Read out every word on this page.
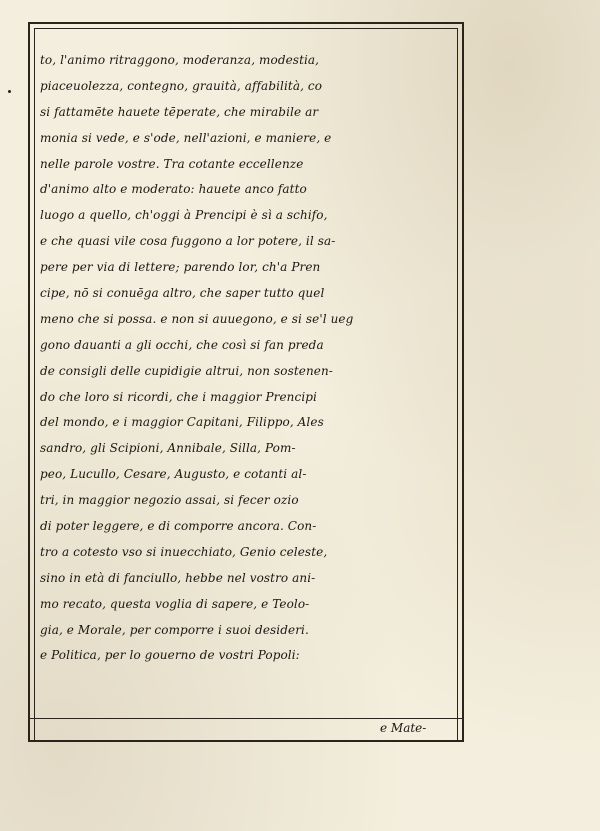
to, l'animo ritraggono, moderanza, modestia,
piaceuolezza, contegno, grauità, affabilità, co
si fattamēte hauete tēperate, che mirabile ar
monia si vede, e s'ode, nell'azioni, e maniere, e
nelle parole vostre. Tra cotante eccellenze
d'animo alto e moderato: hauete anco fatto
luogo a quello, ch'oggi à Prencipi è sì a schifo,
e che quasi vile cosa fuggono a lor potere, il sa-
pere per via di lettere; parendo lor, ch'a Pren
cipe, nō si conuēga altro, che saper tutto quel
meno che si possa. e non si auuegono, e si se'l ueg
gono dauanti a gli occhi, che così si fan preda
de consigli delle cupidigie altrui, non sostenen-
do che loro si ricordi, che i maggior Prencipi
del mondo, e i maggior Capitani, Filippo, Ales
sandro, gli Scipioni, Annibale, Silla, Pom-
peo, Lucullo, Cesare, Augusto, e cotanti al-
tri, in maggior negozio assai, si fecer ozio
di poter leggere, e di comporre ancora. Con-
tro a cotesto vso si inuecchiato, Genio celeste,
sino in età di fanciullo, hebbe nel vostro ani-
mo recato, questa voglia di sapere, e Teolo-
gia, e Morale, per comporre i suoi desideri.
e Politica, per lo gouerno de vostri Popoli:
e Mate-
